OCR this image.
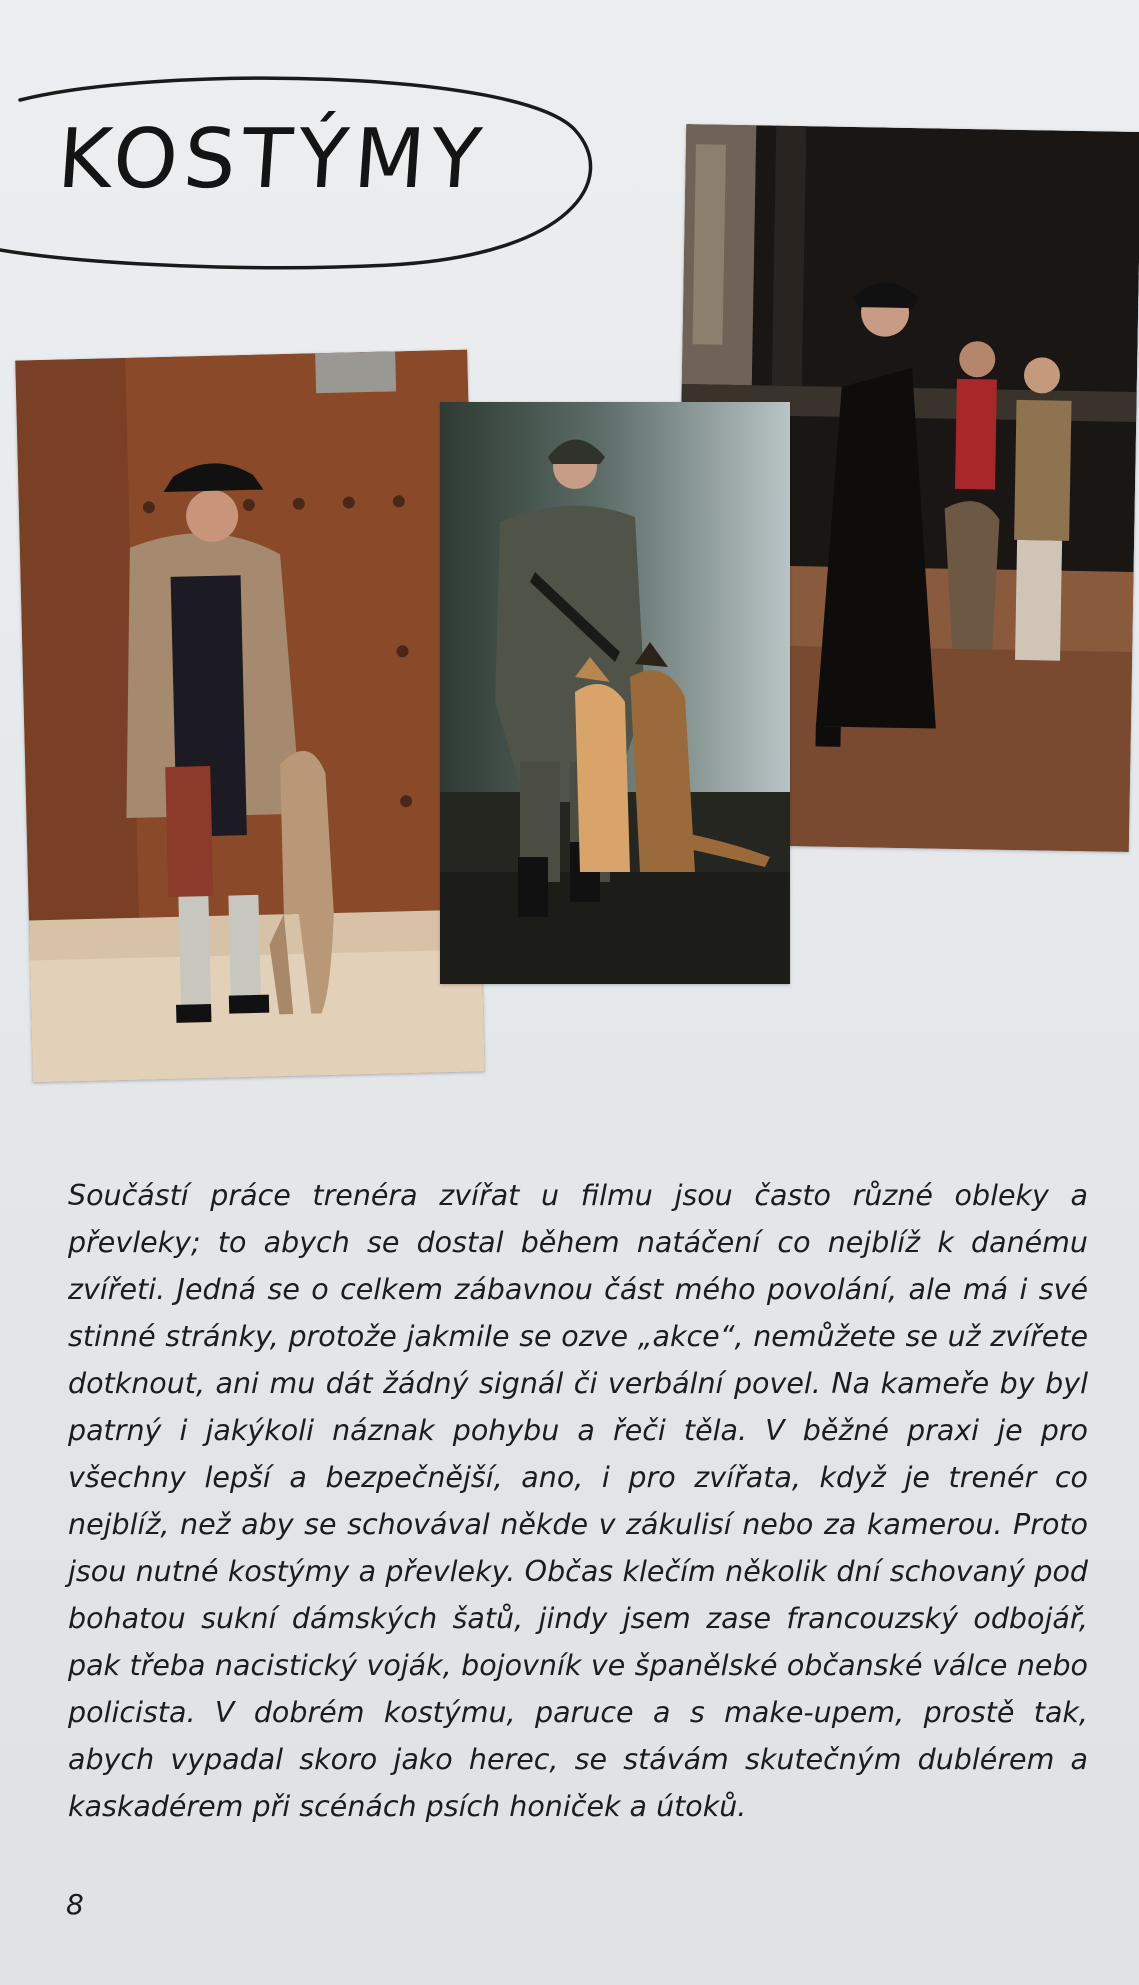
KOSTÝMY

Součástí práce trenéra zvířat u filmu jsou často různé obleky a převleky; to abych se dostal během natáčení co nejblíž k danému zvířeti. Jedná se o celkem zábavnou část mého povolání, ale má i své stinné stránky, protože jakmile se ozve „akce“, nemůžete se už zvířete dotknout, ani mu dát žádný signál či verbální povel. Na kameře by byl patrný i jakýkoli náznak pohybu a řeči těla. V běžné praxi je pro všechny lepší a bezpečnější, ano, i pro zvířata, když je trenér co nejblíž, než aby se schovával někde v zákulisí nebo za kamerou. Proto jsou nutné kostýmy a převleky. Občas klečím několik dní schovaný pod bohatou sukní dámských šatů, jindy jsem zase francouzský odbojář, pak třeba nacistický voják, bojovník ve španělské občanské válce nebo policista. V dobrém kostýmu, paruce a s make-upem, prostě tak, abych vypadal skoro jako herec, se stávám skutečným dublérem a kaskadérem při scénách psích honiček a útoků.

8
